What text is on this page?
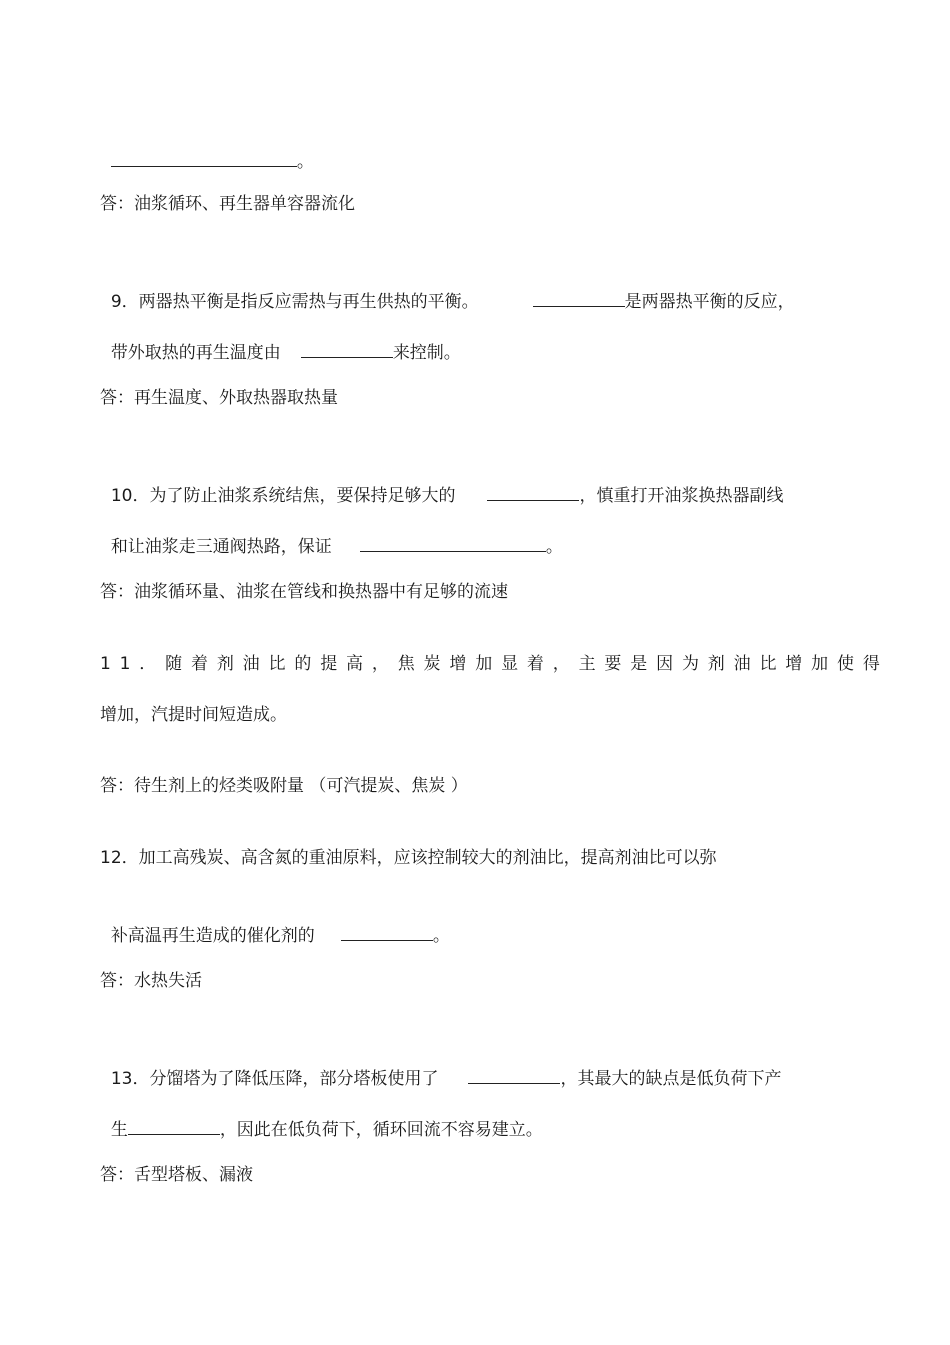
。

答：油浆循环、再生器单容器流化

9．两器热平衡是指反应需热与再生供热的平衡。	是两器热平衡的反应，

带外取热的再生温度由	来控制。

答：再生温度、外取热器取热量

10．为了防止油浆系统结焦，要保持足够大的	，慎重打开油浆换热器副线

和让油浆走三通阀热路，保证	。

答：油浆循环量、油浆在管线和换热器中有足够的流速
11．随着剂油比的提高，焦炭增加显着，主要是因为剂油比增加使得
增加，汽提时间短造成。
答：待生剂上的烃类吸附量 （可汽提炭、焦炭 ）
12．加工高残炭、高含氮的重油原料，应该控制较大的剂油比，提高剂油比可以弥

补高温再生造成的催化剂的	。

答：水热失活

13．分馏塔为了降低压降，部分塔板使用了	，其最大的缺点是低负荷下产

生	，因此在低负荷下，循环回流不容易建立。

答：舌型塔板、漏液
